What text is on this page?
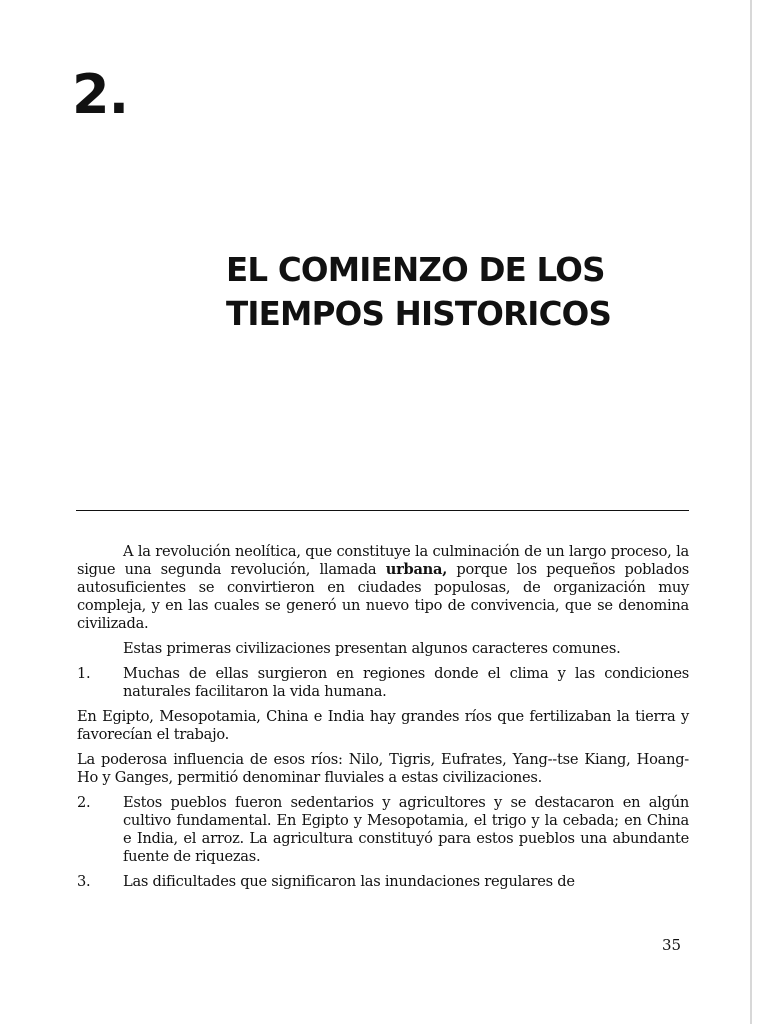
2.
EL COMIENZO DE LOS
TIEMPOS HISTORICOS

A la revolución neolítica, que constituye la culminación de un largo proceso, la sigue una segunda revolución, llamada urbana, porque los pequeños poblados autosuficientes se convirtieron en ciudades populosas, de organización muy compleja, y en las cuales se generó un nuevo tipo de convivencia, que se denomina civilizada.

Estas primeras civilizaciones presentan algunos caracteres comunes.

1.	Muchas de ellas surgieron en regiones donde el clima y las condiciones naturales facilitaron la vida humana.

En Egipto, Mesopotamia, China e India hay grandes ríos que fertilizaban la tierra y favorecían el trabajo.

La poderosa influencia de esos ríos: Nilo, Tigris, Eufrates, Yang--tse Kiang, Hoang-Ho y Ganges, permitió denominar fluviales a estas civilizaciones.

2.	Estos pueblos fueron sedentarios y agricultores y se destacaron en algún cultivo fundamental. En Egipto y Mesopotamia, el trigo y la cebada; en China e India, el arroz. La agricultura constituyó para estos pueblos una abundante fuente de riquezas.
3.	Las dificultades que significaron las inundaciones regulares de
35
